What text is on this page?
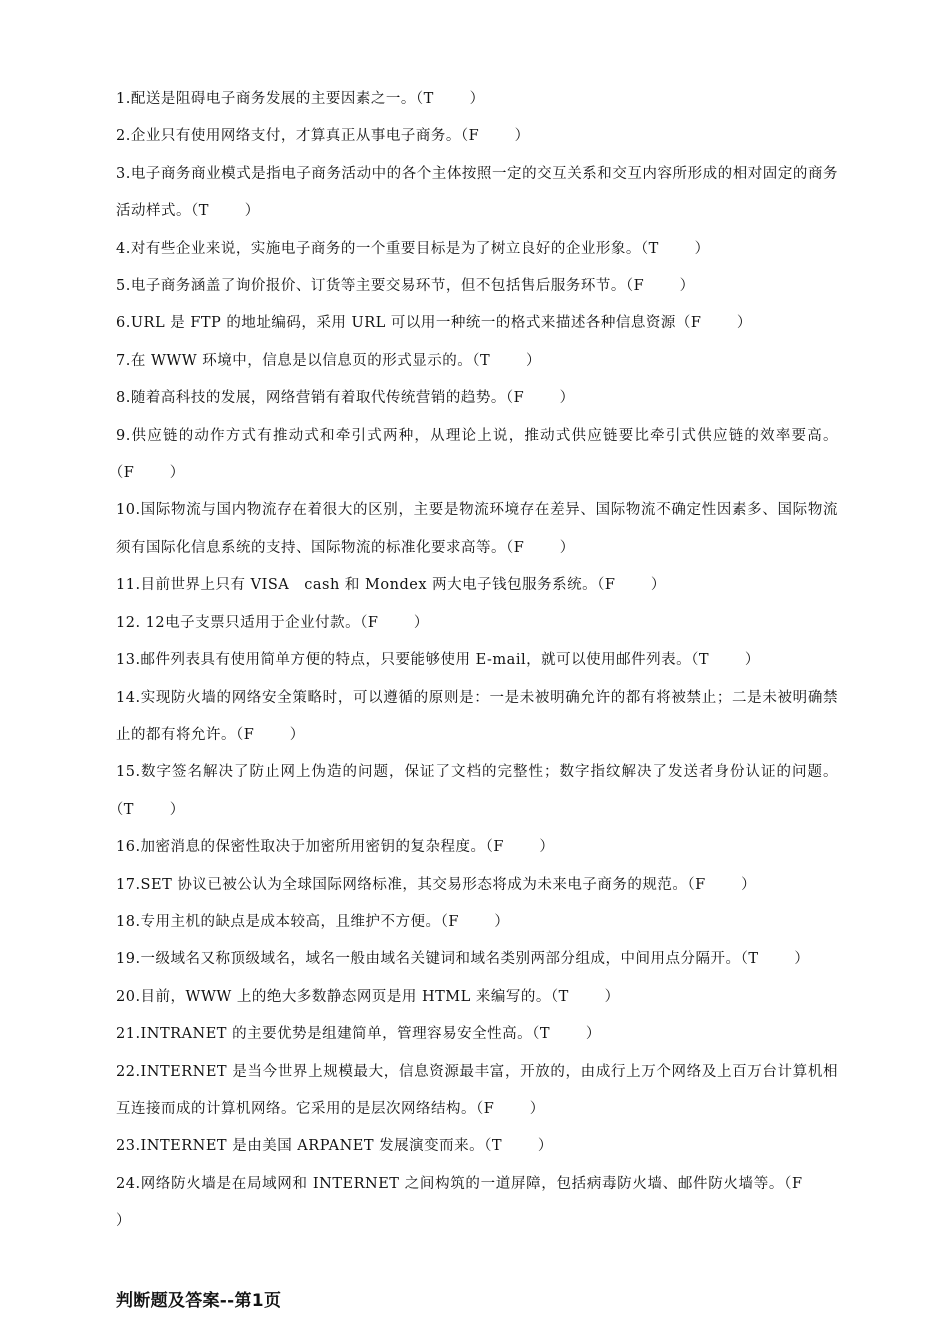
1.配送是阻碍电子商务发展的主要因素之一。（T ）

2.企业只有使用网络支付，才算真正从事电子商务。（F ）

3.电子商务商业模式是指电子商务活动中的各个主体按照一定的交互关系和交互内容所形成的相对固定的商务活动样式。（T ）

4.对有些企业来说，实施电子商务的一个重要目标是为了树立良好的企业形象。（T ）

5.电子商务涵盖了询价报价、订货等主要交易环节，但不包括售后服务环节。（F ）

6.URL 是 FTP 的地址编码，采用 URL 可以用一种统一的格式来描述各种信息资源（F ）

7.在 WWW 环境中，信息是以信息页的形式显示的。（T ）

8.随着高科技的发展，网络营销有着取代传统营销的趋势。（F ）

9.供应链的动作方式有推动式和牵引式两种，从理论上说，推动式供应链要比牵引式供应链的效率要高。（F ）

10.国际物流与国内物流存在着很大的区别，主要是物流环境存在差异、国际物流不确定性因素多、国际物流须有国际化信息系统的支持、国际物流的标准化要求高等。（F ）

11.目前世界上只有 VISA　cash 和 Mondex 两大电子钱包服务系统。（F ）

12. 12电子支票只适用于企业付款。（F ）

13.邮件列表具有使用简单方便的特点，只要能够使用 E-mail，就可以使用邮件列表。（T ）

14.实现防火墙的网络安全策略时，可以遵循的原则是：一是未被明确允许的都有将被禁止；二是未被明确禁止的都有将允许。（F ）

15.数字签名解决了防止网上伪造的问题，保证了文档的完整性；数字指纹解决了发送者身份认证的问题。（T ）

16.加密消息的保密性取决于加密所用密钥的复杂程度。（F ）

17.SET 协议已被公认为全球国际网络标准，其交易形态将成为未来电子商务的规范。（F ）

18.专用主机的缺点是成本较高，且维护不方便。（F ）

19.一级域名又称顶级域名，域名一般由域名关键词和域名类别两部分组成，中间用点分隔开。（T ）

20.目前，WWW 上的绝大多数静态网页是用 HTML 来编写的。（T ）

21.INTRANET 的主要优势是组建简单，管理容易安全性高。（T ）

22.INTERNET 是当今世界上规模最大，信息资源最丰富，开放的，由成行上万个网络及上百万台计算机相互连接而成的计算机网络。它采用的是层次网络结构。（F ）

23.INTERNET 是由美国 ARPANET 发展演变而来。（T ）

24.网络防火墙是在局域网和 INTERNET 之间构筑的一道屏障，包括病毒防火墙、邮件防火墙等。（F）

判断题及答案--第1页
